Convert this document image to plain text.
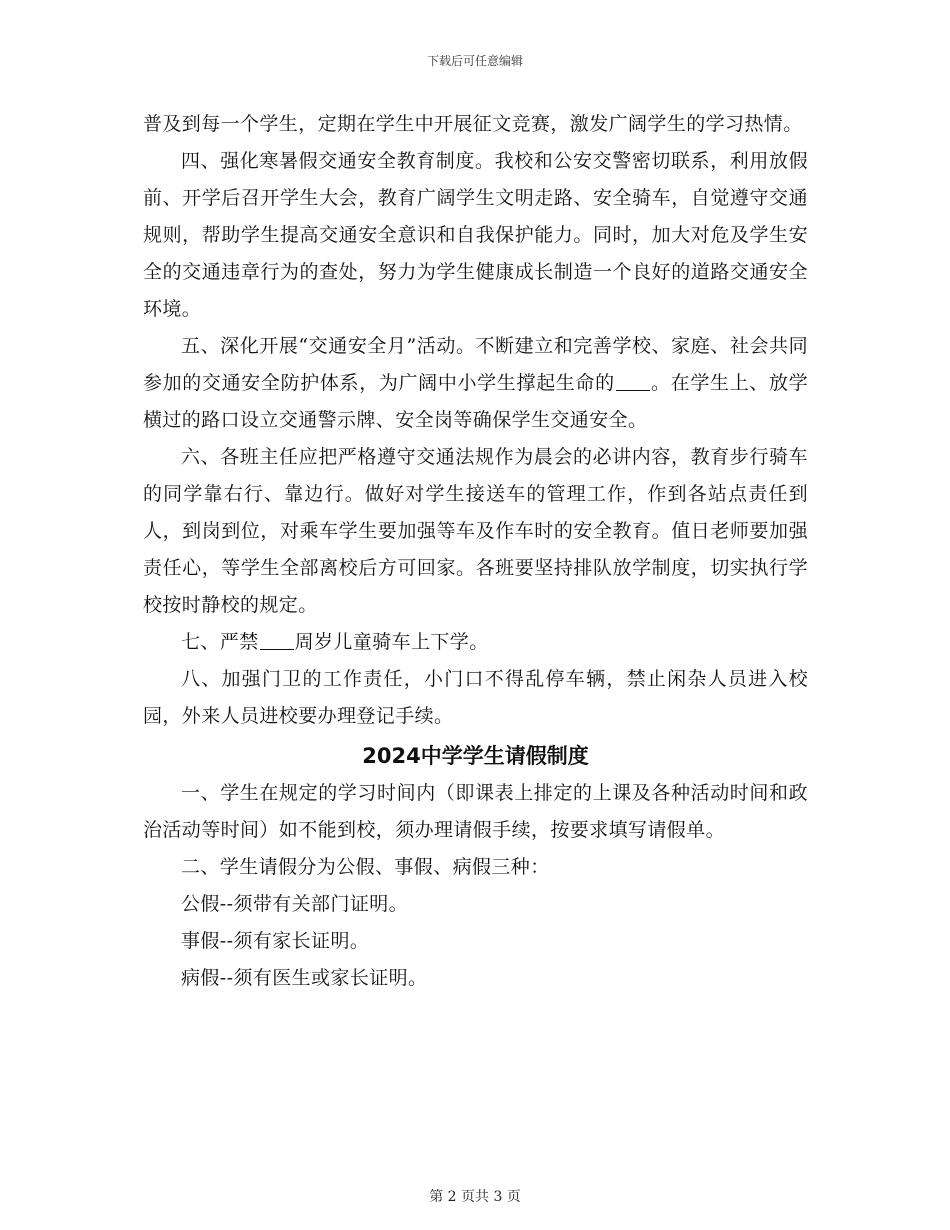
下载后可任意编辑

普及到每一个学生，定期在学生中开展征文竞赛，激发广阔学生的学习热情。

四、强化寒暑假交通安全教育制度。我校和公安交警密切联系，利用放假前、开学后召开学生大会，教育广阔学生文明走路、安全骑车，自觉遵守交通规则，帮助学生提高交通安全意识和自我保护能力。同时，加大对危及学生安全的交通违章行为的查处，努力为学生健康成长制造一个良好的道路交通安全环境。

五、深化开展“交通安全月”活动。不断建立和完善学校、家庭、社会共同参加的交通安全防护体系，为广阔中小学生撑起生命的 。在学生上、放学横过的路口设立交通警示牌、安全岗等确保学生交通安全。

六、各班主任应把严格遵守交通法规作为晨会的必讲内容，教育步行骑车的同学靠右行、靠边行。做好对学生接送车的管理工作，作到各站点责任到人，到岗到位，对乘车学生要加强等车及作车时的安全教育。值日老师要加强责任心，等学生全部离校后方可回家。各班要坚持排队放学制度，切实执行学校按时静校的规定。

七、严禁 周岁儿童骑车上下学。

八、加强门卫的工作责任，小门口不得乱停车辆，禁止闲杂人员进入校园，外来人员进校要办理登记手续。

2024中学学生请假制度

一、学生在规定的学习时间内（即课表上排定的上课及各种活动时间和政治活动等时间）如不能到校，须办理请假手续，按要求填写请假单。

二、学生请假分为公假、事假、病假三种：

公假--须带有关部门证明。

事假--须有家长证明。

病假--须有医生或家长证明。

第 2 页共 3 页
